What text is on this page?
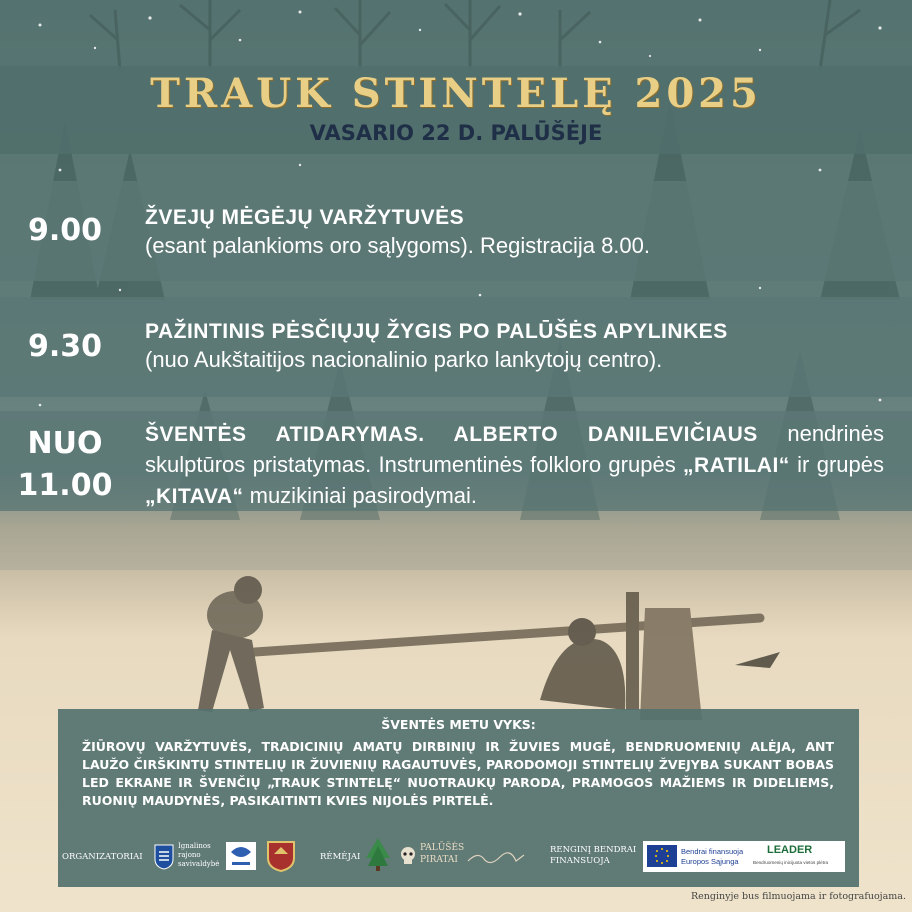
TRAUK STINTELĘ 2025
VASARIO 22 D. PALŪŠĖJE
9.00	ŽVEJŲ MĖGĖJŲ VARŽYTUVĖS
(esant palankioms oro sąlygoms). Registracija 8.00.
9.30	PAŽINTINIS PĖSČIŲJŲ ŽYGIS PO PALŪŠĖS APYLINKES
(nuo Aukštaitijos nacionalinio parko lankytojų centro).
NUO
11.00
ŠVENTĖS ATIDARYMAS. ALBERTO DANILEVIČIAUS nendrinės skulptūros pristatymas. Instrumentinės folkloro grupės „RATILAI“ ir grupės „KITAVA“ muzikiniai pasirodymai.
ŠVENTĖS METU VYKS:
ŽIŪROVŲ VARŽYTUVĖS, TRADICINIŲ AMATŲ DIRBINIŲ IR ŽUVIES MUGĖ, BENDRUOMENIŲ ALĖJA, ANT LAUŽO ČIRŠKINTŲ STINTELIŲ IR ŽUVIENIŲ RAGAUTUVĖS, PARODOMOJI STINTELIŲ ŽVEJYBA SUKANT BOBAS LED EKRANE IR ŠVENČIŲ „TRAUK STINTELĘ“ NUOTRAUKŲ PARODA, PRAMOGOS MAŽIEMS IR DIDELIEMS, RUONIŲ MAUDYNĖS, PASIKAITINTI KVIES NIJOLĖS PIRTELĖ.
ORGANIZATORIAI
Ignalinos
rajono
savivaldybė
RĖMĖJAI
PALŪŠĖS
PIRATAI
RENGINĮ BENDRAI
FINANSUOJA
Bendrai finansuoja
Europos Sąjunga
LEADER
Bendruomenių inicijuota vietos plėtra
Renginyje bus filmuojama ir fotografuojama.
